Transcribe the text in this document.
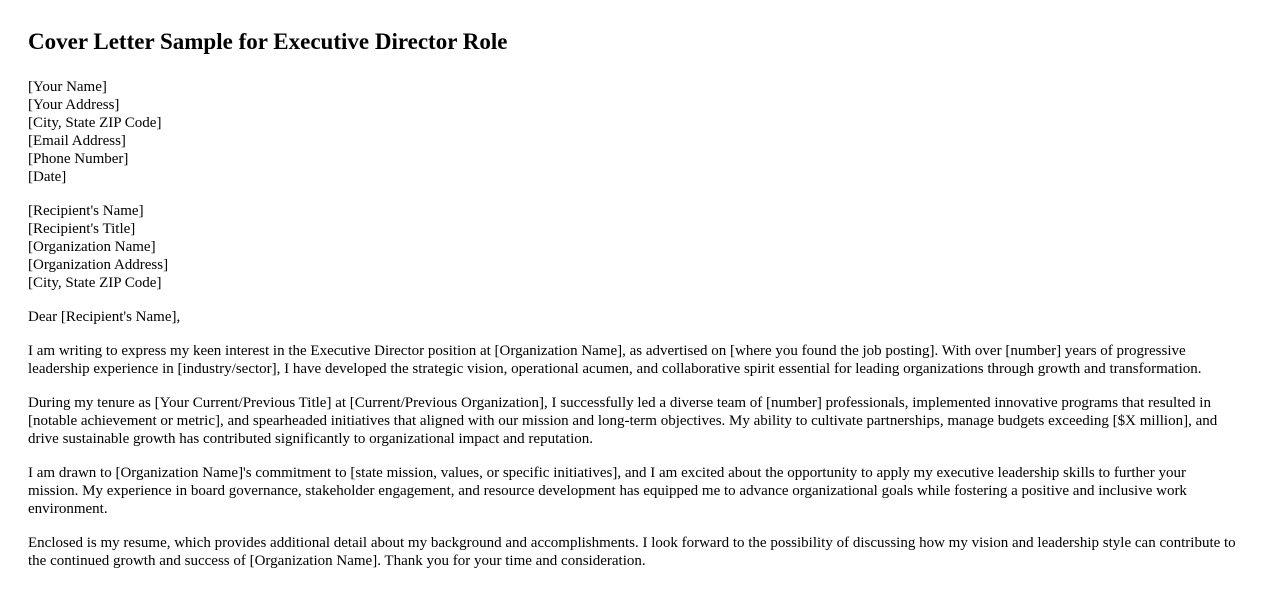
Cover Letter Sample for Executive Director Role
[Your Name]
[Your Address]
[City, State ZIP Code]
[Email Address]
[Phone Number]
[Date]
[Recipient's Name]
[Recipient's Title]
[Organization Name]
[Organization Address]
[City, State ZIP Code]

Dear [Recipient's Name],

I am writing to express my keen interest in the Executive Director position at [Organization Name], as advertised on [where you found the job posting]. With over [number] years of progressive leadership experience in [industry/sector], I have developed the strategic vision, operational acumen, and collaborative spirit essential for leading organizations through growth and transformation.

During my tenure as [Your Current/Previous Title] at [Current/Previous Organization], I successfully led a diverse team of [number] professionals, implemented innovative programs that resulted in [notable achievement or metric], and spearheaded initiatives that aligned with our mission and long-term objectives. My ability to cultivate partnerships, manage budgets exceeding [$X million], and drive sustainable growth has contributed significantly to organizational impact and reputation.

I am drawn to [Organization Name]'s commitment to [state mission, values, or specific initiatives], and I am excited about the opportunity to apply my executive leadership skills to further your mission. My experience in board governance, stakeholder engagement, and resource development has equipped me to advance organizational goals while fostering a positive and inclusive work environment.

Enclosed is my resume, which provides additional detail about my background and accomplishments. I look forward to the possibility of discussing how my vision and leadership style can contribute to the continued growth and success of [Organization Name]. Thank you for your time and consideration.
